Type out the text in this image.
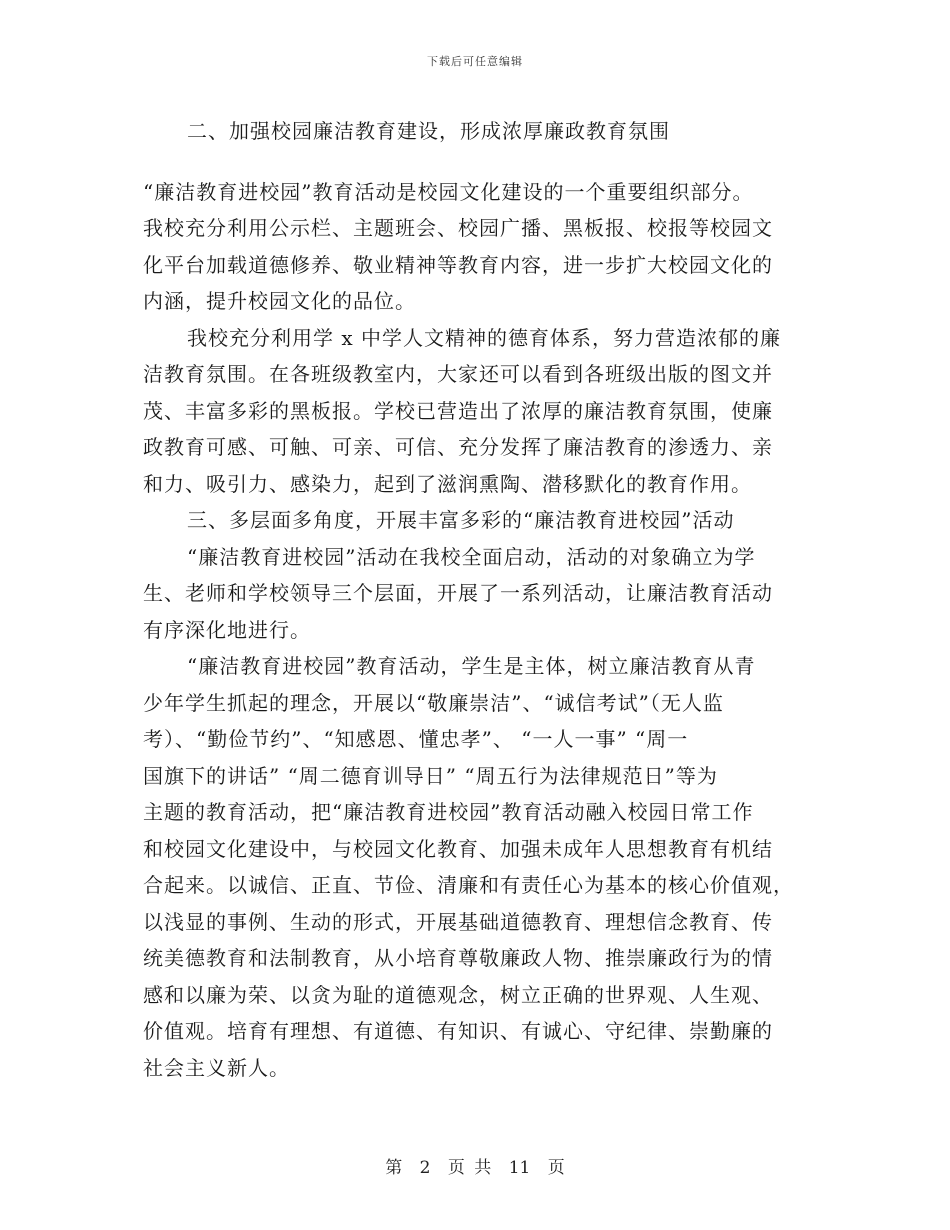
下载后可任意编辑
二、加强校园廉洁教育建设，形成浓厚廉政教育氛围
“廉洁教育进校园”教育活动是校园文化建设的一个重要组织部分。
我校充分利用公示栏、主题班会、校园广播、黑板报、校报等校园文
化平台加载道德修养、敬业精神等教育内容，进一步扩大校园文化的
内涵，提升校园文化的品位。
我校充分利用学 x 中学人文精神的德育体系，努力营造浓郁的廉
洁教育氛围。在各班级教室内，大家还可以看到各班级出版的图文并
茂、丰富多彩的黑板报。学校已营造出了浓厚的廉洁教育氛围，使廉
政教育可感、可触、可亲、可信、充分发挥了廉洁教育的渗透力、亲
和力、吸引力、感染力，起到了滋润熏陶、潜移默化的教育作用。
三、多层面多角度，开展丰富多彩的“廉洁教育进校园”活动
“廉洁教育进校园”活动在我校全面启动，活动的对象确立为学
生、老师和学校领导三个层面，开展了一系列活动，让廉洁教育活动
有序深化地进行。
“廉洁教育进校园”教育活动，学生是主体，树立廉洁教育从青
少年学生抓起的理念，开展以“敬廉崇洁”、“诚信考试”（无人监
考）、“勤俭节约”、“知感恩、懂忠孝”、 “一人一事” “周一
国旗下的讲话” “周二德育训导日” “周五行为法律规范日”等为
主题的教育活动，把“廉洁教育进校园”教育活动融入校园日常工作
和校园文化建设中，与校园文化教育、加强未成年人思想教育有机结
合起来。以诚信、正直、节俭、清廉和有责任心为基本的核心价值观，
以浅显的事例、生动的形式，开展基础道德教育、理想信念教育、传
统美德教育和法制教育，从小培育尊敬廉政人物、推崇廉政行为的情
感和以廉为荣、以贪为耻的道德观念，树立正确的世界观、人生观、
价值观。培育有理想、有道德、有知识、有诚心、守纪律、崇勤廉的
社会主义新人。
第 2 页 共 11 页
